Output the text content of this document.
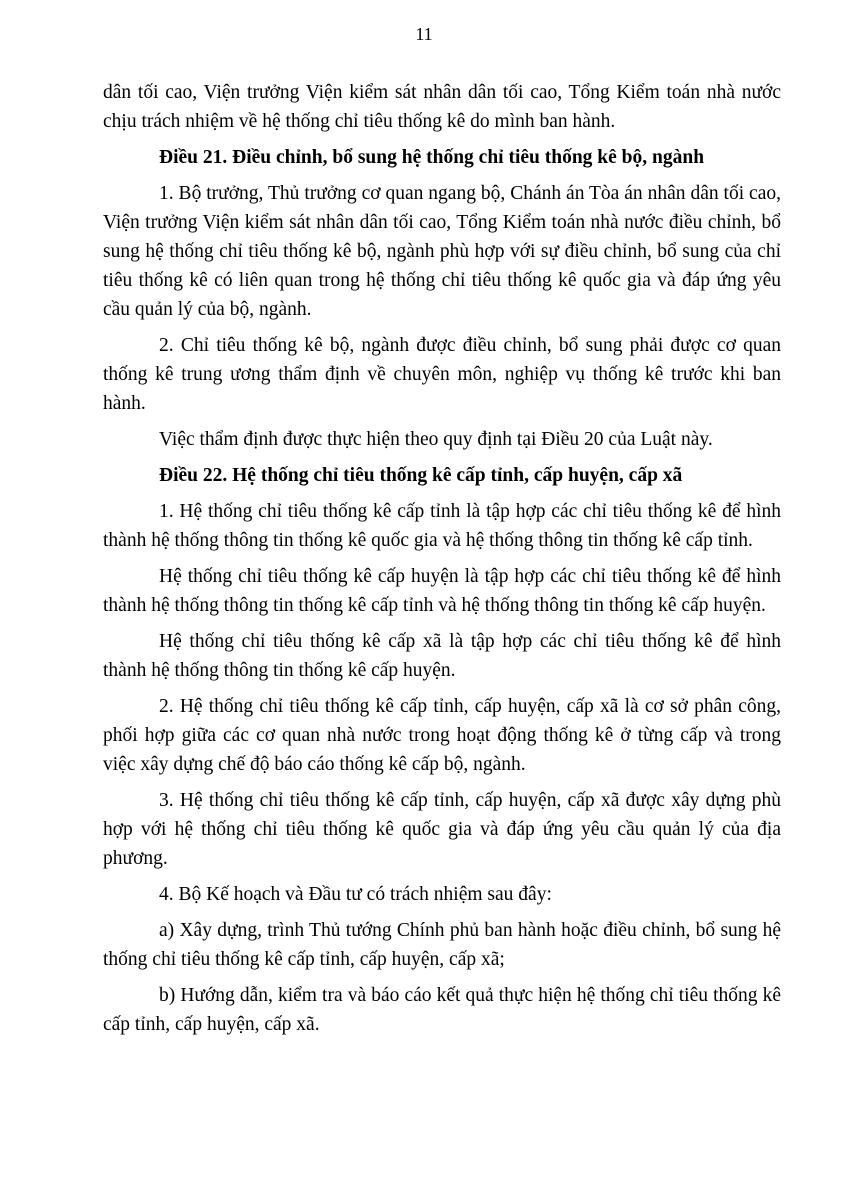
11

dân tối cao, Viện trưởng Viện kiểm sát nhân dân tối cao, Tổng Kiểm toán nhà nước chịu trách nhiệm về hệ thống chỉ tiêu thống kê do mình ban hành.

Điều 21. Điều chỉnh, bổ sung hệ thống chỉ tiêu thống kê bộ, ngành

1. Bộ trưởng, Thủ trưởng cơ quan ngang bộ, Chánh án Tòa án nhân dân tối cao, Viện trưởng Viện kiểm sát nhân dân tối cao, Tổng Kiểm toán nhà nước điều chỉnh, bổ sung hệ thống chỉ tiêu thống kê bộ, ngành phù hợp với sự điều chỉnh, bổ sung của chỉ tiêu thống kê có liên quan trong hệ thống chỉ tiêu thống kê quốc gia và đáp ứng yêu cầu quản lý của bộ, ngành.

2. Chỉ tiêu thống kê bộ, ngành được điều chỉnh, bổ sung phải được cơ quan thống kê trung ương thẩm định về chuyên môn, nghiệp vụ thống kê trước khi ban hành.

Việc thẩm định được thực hiện theo quy định tại Điều 20 của Luật này.

Điều 22. Hệ thống chỉ tiêu thống kê cấp tỉnh, cấp huyện, cấp xã

1. Hệ thống chỉ tiêu thống kê cấp tỉnh là tập hợp các chỉ tiêu thống kê để hình thành hệ thống thông tin thống kê quốc gia và hệ thống thông tin thống kê cấp tỉnh.

Hệ thống chỉ tiêu thống kê cấp huyện là tập hợp các chỉ tiêu thống kê để hình thành hệ thống thông tin thống kê cấp tỉnh và hệ thống thông tin thống kê cấp huyện.

Hệ thống chỉ tiêu thống kê cấp xã là tập hợp các chỉ tiêu thống kê để hình thành hệ thống thông tin thống kê cấp huyện.

2. Hệ thống chỉ tiêu thống kê cấp tỉnh, cấp huyện, cấp xã là cơ sở phân công, phối hợp giữa các cơ quan nhà nước trong hoạt động thống kê ở từng cấp và trong việc xây dựng chế độ báo cáo thống kê cấp bộ, ngành.

3. Hệ thống chỉ tiêu thống kê cấp tỉnh, cấp huyện, cấp xã được xây dựng phù hợp với hệ thống chỉ tiêu thống kê quốc gia và đáp ứng yêu cầu quản lý của địa phương.

4. Bộ Kế hoạch và Đầu tư có trách nhiệm sau đây:

a) Xây dựng, trình Thủ tướng Chính phủ ban hành hoặc điều chỉnh, bổ sung hệ thống chỉ tiêu thống kê cấp tỉnh, cấp huyện, cấp xã;

b) Hướng dẫn, kiểm tra và báo cáo kết quả thực hiện hệ thống chỉ tiêu thống kê cấp tỉnh, cấp huyện, cấp xã.
